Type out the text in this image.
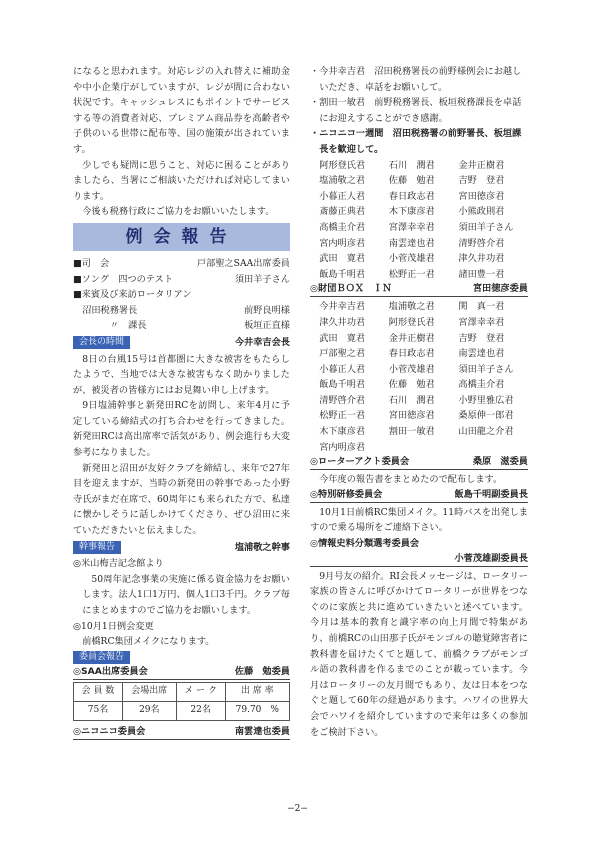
になると思われます。対応レジの入れ替えに補助金や中小企業庁がしていますが、レジが間に合わない状況です。キャッシュレスにもポイントでサービスする等の消費者対応、プレミアム商品券を高齢者や子供のいる世帯に配布等、国の施策が出されています。

少しでも疑問に思うこと、対応に困ることがありましたら、当署にご相談いただければ対応してまいります。

今後も税務行政にご協力をお願いいたします。

例会報告
■司　会	戸部聖之SAA出席委員
■ソング　四つのテスト	須田羊子さん
■来賓及び来訪ロータリアン
沼田税務署長	前野良明様
〃　課長	板垣正直様
会長の時間	今井幸吉会長

8日の台風15号は首都圏に大きな被害をもたらしたようで、当地では大きな被害もなく助かりましたが、被災者の皆様方にはお見舞い申し上げます。

9日塩浦幹事と新発田RCを訪問し、来年4月に予定している締結式の打ち合わせを行ってきました。新発田RCは高出席率で活気があり、例会進行も大変参考になりました。

新発田と沼田が友好クラブを締結し、来年で27年目を迎えますが、当時の新発田の幹事であった小野寺氏がまだ在席で、60周年にも来られた方で、私達に懐かしそうに話しかけてくださり、ぜひ沼田に来ていただきたいと伝えました。

幹事報告	塩浦敬之幹事
◎米山梅吉記念館より

50周年記念事業の実施に係る資金協力をお願いします。法人1口1万円、個人1口3千円。クラブ毎にまとめますのでご協力をお願いします。

◎10月1日例会変更
前橋RC集団メイクになります。
委員会報告
◎SAA出席委員会	佐藤　勉委員
会 員 数	会場出席	メ ー ク	出 席 率
75名	29名	22名	79.70　%
◎ニコニコ委員会	南雲達也委員
・今井幸吉君　沼田税務署長の前野様例会にお越しいただき、卓話をお願いして。
・割田一敏君　前野税務署長、板垣税務課長を卓話にお迎えすることができ感謝。
・ニコニコ一週間　沼田税務署の前野署長、板垣課長を歓迎して。
阿形登氏君	石川　潤君	金井正樹君
塩浦敬之君	佐藤　勉君	吉野　登君
小暮正人君	春日政志君	宮田徳彦君
斎藤正典君	木下康彦君	小熊政則君
高橋圭介君	宮澤幸幸君	須田羊子さん
宮内明彦君	南雲達也君	清野啓介君
武田　寛君	小菅茂雄君	津久井功君
飯島千明君	松野正一君	諸田豊一君
◎財団ＢＯＸ　ＩＮ	宮田徳彦委員
今井幸吉君	塩浦敬之君	関　真一君
津久井功君	阿形登氏君	宮澤幸幸君
武田　寛君	金井正樹君	吉野　登君
戸部聖之君	春日政志君	南雲達也君
小暮正人君	小菅茂雄君	須田羊子さん
飯島千明君	佐藤　勉君	高橋圭介君
清野啓介君	石川　潤君	小野里雅広君
松野正一君	宮田徳彦君	桑原伸一郎君
木下康彦君	割田一敏君	山田龍之介君
宮内明彦君
◎ローターアクト委員会	桑原　滋委員

今年度の報告書をまとめたので配布します。

◎特別研修委員会	飯島千明副委員長

10月1日前橋RC集団メイク。11時バスを出発しますので乗る場所をご連絡下さい。

◎情報史料分類選考委員会
小菅茂雄副委員長

9月号友の紹介。RI会長メッセージは、ロータリー家族の皆さんに呼びかけてロータリーが世界をつなぐのに家族と共に進めていきたいと述べています。今月は基本的教育と識字率の向上月間で特集があり、前橋RCの山田那子氏がモンゴルの聴覚障害者に教科書を届けたくてと題して、前橋クラブがモンゴル語の教科書を作るまでのことが載っています。今月はロータリーの友月間でもあり、友は日本をつなぐと題して60年の経過があります。ハワイの世界大会でハワイを紹介していますので来年は多くの参加をご検討下さい。

−2−
